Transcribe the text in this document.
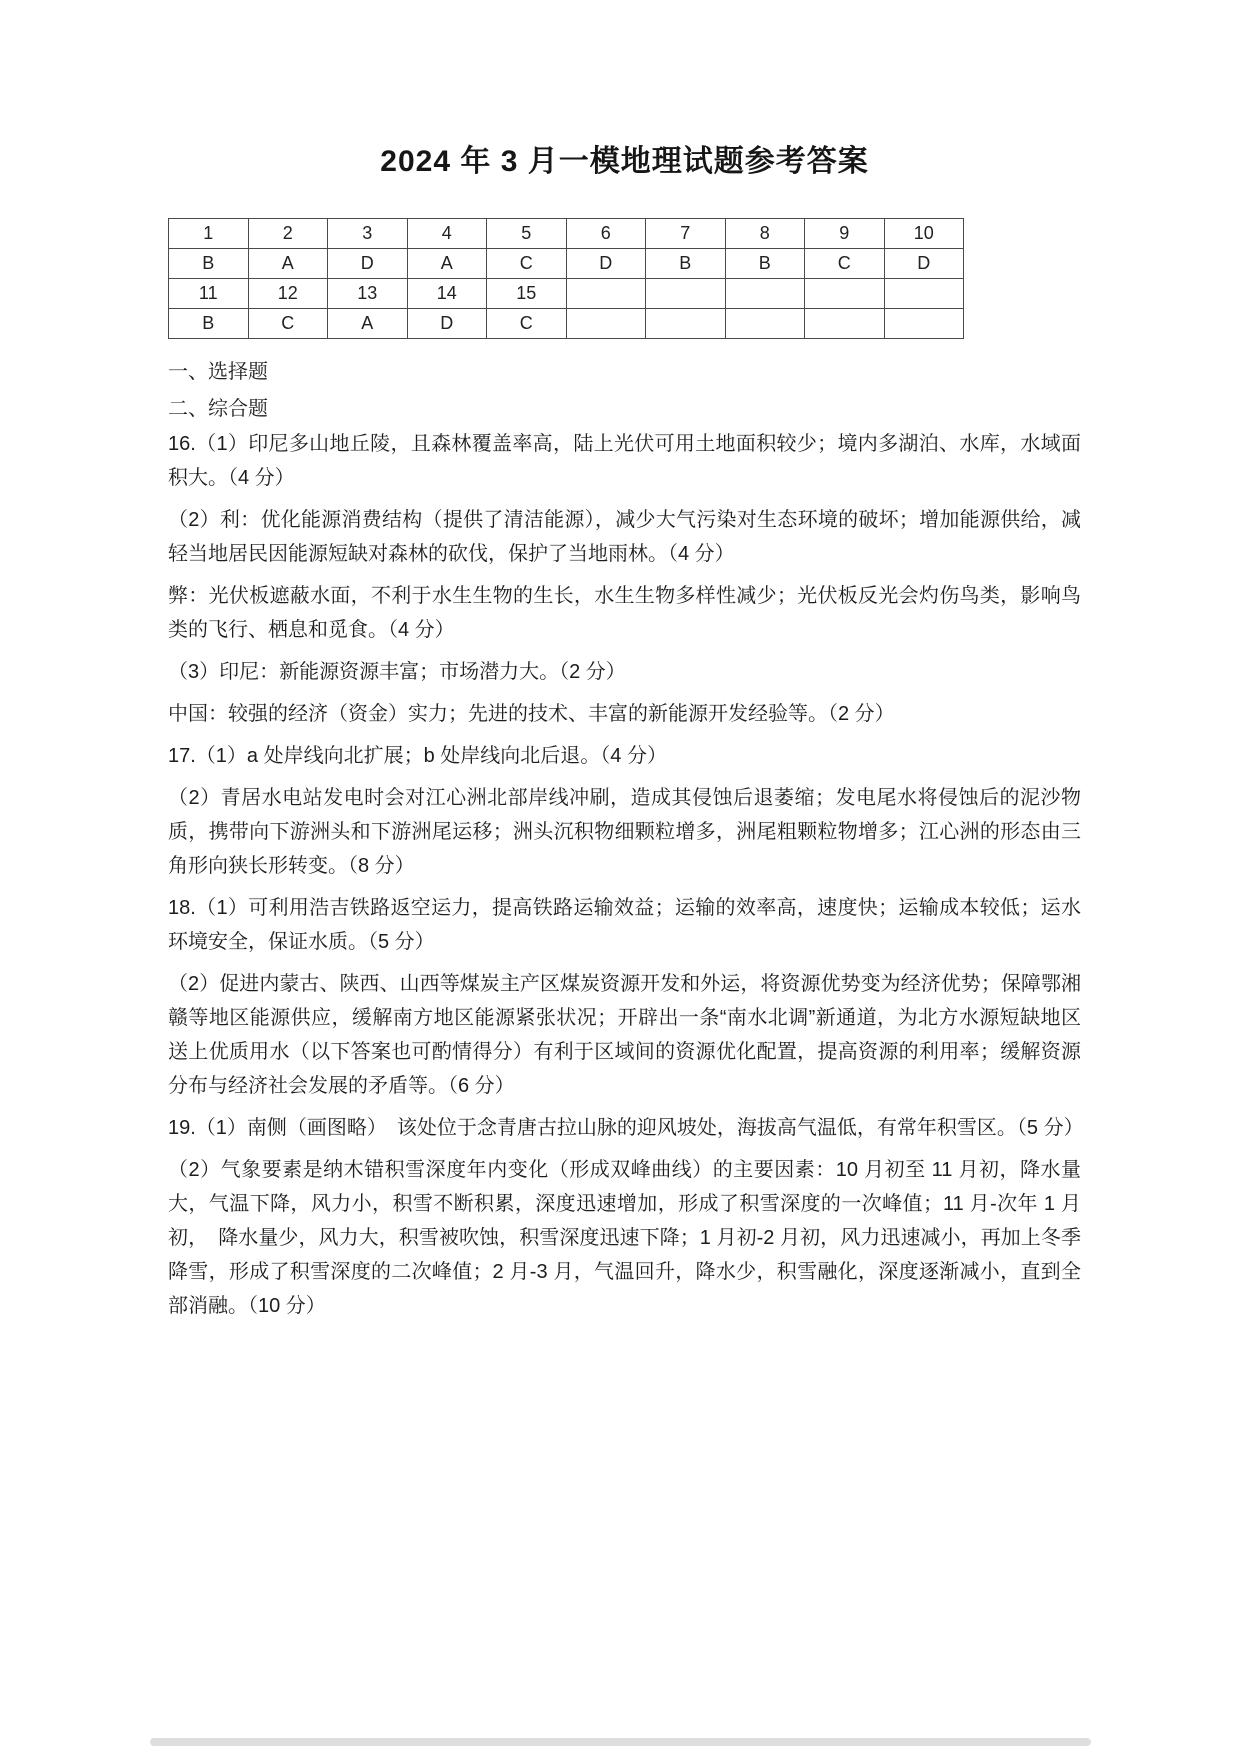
2024 年 3 月一模地理试题参考答案
1	2	3	4	5	6	7	8	9	10
B	A	D	A	C	D	B	B	C	D
11	12	13	14	15					
B	C	A	D	C					

一、选择题

二、综合题

16.（1）印尼多山地丘陵，且森林覆盖率高，陆上光伏可用土地面积较少；境内多湖泊、水库，水域面积大。（4 分）

（2）利：优化能源消费结构（提供了清洁能源），减少大气污染对生态环境的破坏；增加能源供给，减轻当地居民因能源短缺对森林的砍伐，保护了当地雨林。（4 分）

弊：光伏板遮蔽水面，不利于水生生物的生长，水生生物多样性减少；光伏板反光会灼伤鸟类，影响鸟类的飞行、栖息和觅食。（4 分）

（3）印尼：新能源资源丰富；市场潜力大。（2 分）

中国：较强的经济（资金）实力；先进的技术、丰富的新能源开发经验等。（2 分）

17.（1）a 处岸线向北扩展；b 处岸线向北后退。（4 分）

（2）青居水电站发电时会对江心洲北部岸线冲刷，造成其侵蚀后退萎缩；发电尾水将侵蚀后的泥沙物质，携带向下游洲头和下游洲尾运移；洲头沉积物细颗粒增多，洲尾粗颗粒物增多；江心洲的形态由三角形向狭长形转变。（8 分）

18.（1）可利用浩吉铁路返空运力，提高铁路运输效益；运输的效率高，速度快；运输成本较低；运水环境安全，保证水质。（5 分）

（2）促进内蒙古、陕西、山西等煤炭主产区煤炭资源开发和外运，将资源优势变为经济优势；保障鄂湘赣等地区能源供应，缓解南方地区能源紧张状况；开辟出一条“南水北调”新通道，为北方水源短缺地区送上优质用水（以下答案也可酌情得分）有利于区域间的资源优化配置，提高资源的利用率；缓解资源分布与经济社会发展的矛盾等。（6 分）

19.（1）南侧（画图略）　该处位于念青唐古拉山脉的迎风坡处，海拔高气温低，有常年积雪区。（5 分）

（2）气象要素是纳木错积雪深度年内变化（形成双峰曲线）的主要因素：10 月初至 11 月初，降水量大，气温下降，风力小，积雪不断积累，深度迅速增加，形成了积雪深度的一次峰值；11 月-次年 1 月初，　降水量少，风力大，积雪被吹蚀，积雪深度迅速下降；1 月初-2 月初，风力迅速减小，再加上冬季降雪，形成了积雪深度的二次峰值；2 月-3 月，气温回升，降水少，积雪融化，深度逐渐减小，直到全部消融。（10 分）
